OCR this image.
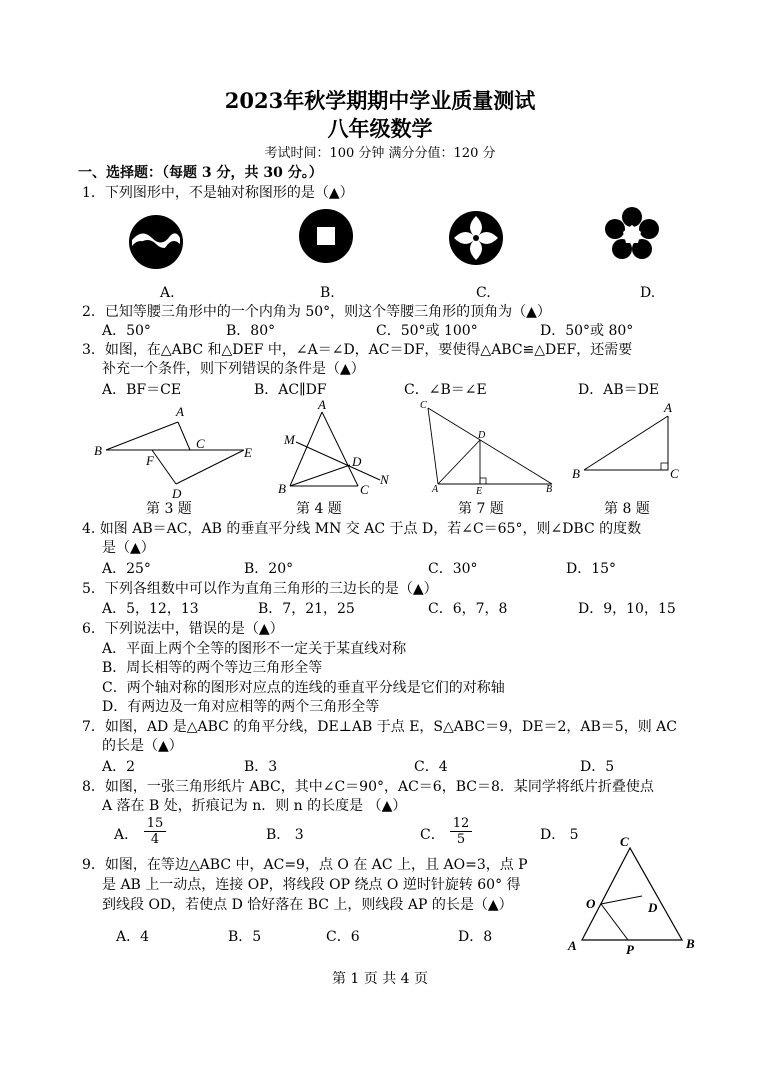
2023年秋学期期中学业质量测试
八年级数学
考试时间：100 分钟 满分分值：120 分
一、选择题：（每题 3 分，共 30 分。）
1．下列图形中，不是轴对称图形的是（▲）
A.	B.	C.	D.
2．已知等腰三角形中的一个内角为 50°，则这个等腰三角形的顶角为（▲）
A．50°	B．80°	C．50°或 100°	D．50°或 80°
3．如图，在△ABC 和△DEF 中，∠A＝∠D，AC＝DF，要使得△ABC≌△DEF，还需要
补充一个条件，则下列错误的条件是（▲）
A．BF＝CE	B．AC∥DF	C．∠B＝∠E	D．AB＝DE
A
B	C
F
E
D
A
M
D
N
B	C
C
D
A	E	B
A
B	C
第 3 题	第 4 题	第 7 题	第 8 题
4. 如图 AB＝AC，AB 的垂直平分线 MN 交 AC 于点 D，若∠C＝65°，则∠DBC 的度数
是（▲）
A．25°	B．20°	C．30°	D．15°
5．下列各组数中可以作为直角三角形的三边长的是（▲）
A．5，12，13	B．7，21，25	C．6，7，8	D．9，10，15
6．下列说法中，错误的是（▲）
A．平面上两个全等的图形不一定关于某直线对称
B．周长相等的两个等边三角形全等
C．两个轴对称的图形对应点的连线的垂直平分线是它们的对称轴
D．有两边及一角对应相等的两个三角形全等
7．如图，AD 是△ABC 的角平分线，DE⊥AB 于点 E，S△ABC＝9，DE＝2，AB＝5，则 AC
的长是（▲）
A．2	B．3	C．4	D．5
8．如图，一张三角形纸片 ABC，其中∠C＝90°，AC＝6，BC＝8．某同学将纸片折叠使点
A 落在 B 处，折痕记为 n．则 n 的长度是 （▲）
A． $\frac{15}{4}$	B． 3	C． $\frac{12}{5}$	D． 5
9．如图，在等边△ABC 中，AC=9，点 O 在 AC 上，且 AO=3，点 P
是 AB 上一动点，连接 OP，将线段 OP 绕点 O 逆时针旋转 60° 得
到线段 OD，若使点 D 恰好落在 BC 上，则线段 AP 的长是（▲）
A．4	B．5	C．6	D．8
C
O	D
A	P	B
第 1 页 共 4 页
